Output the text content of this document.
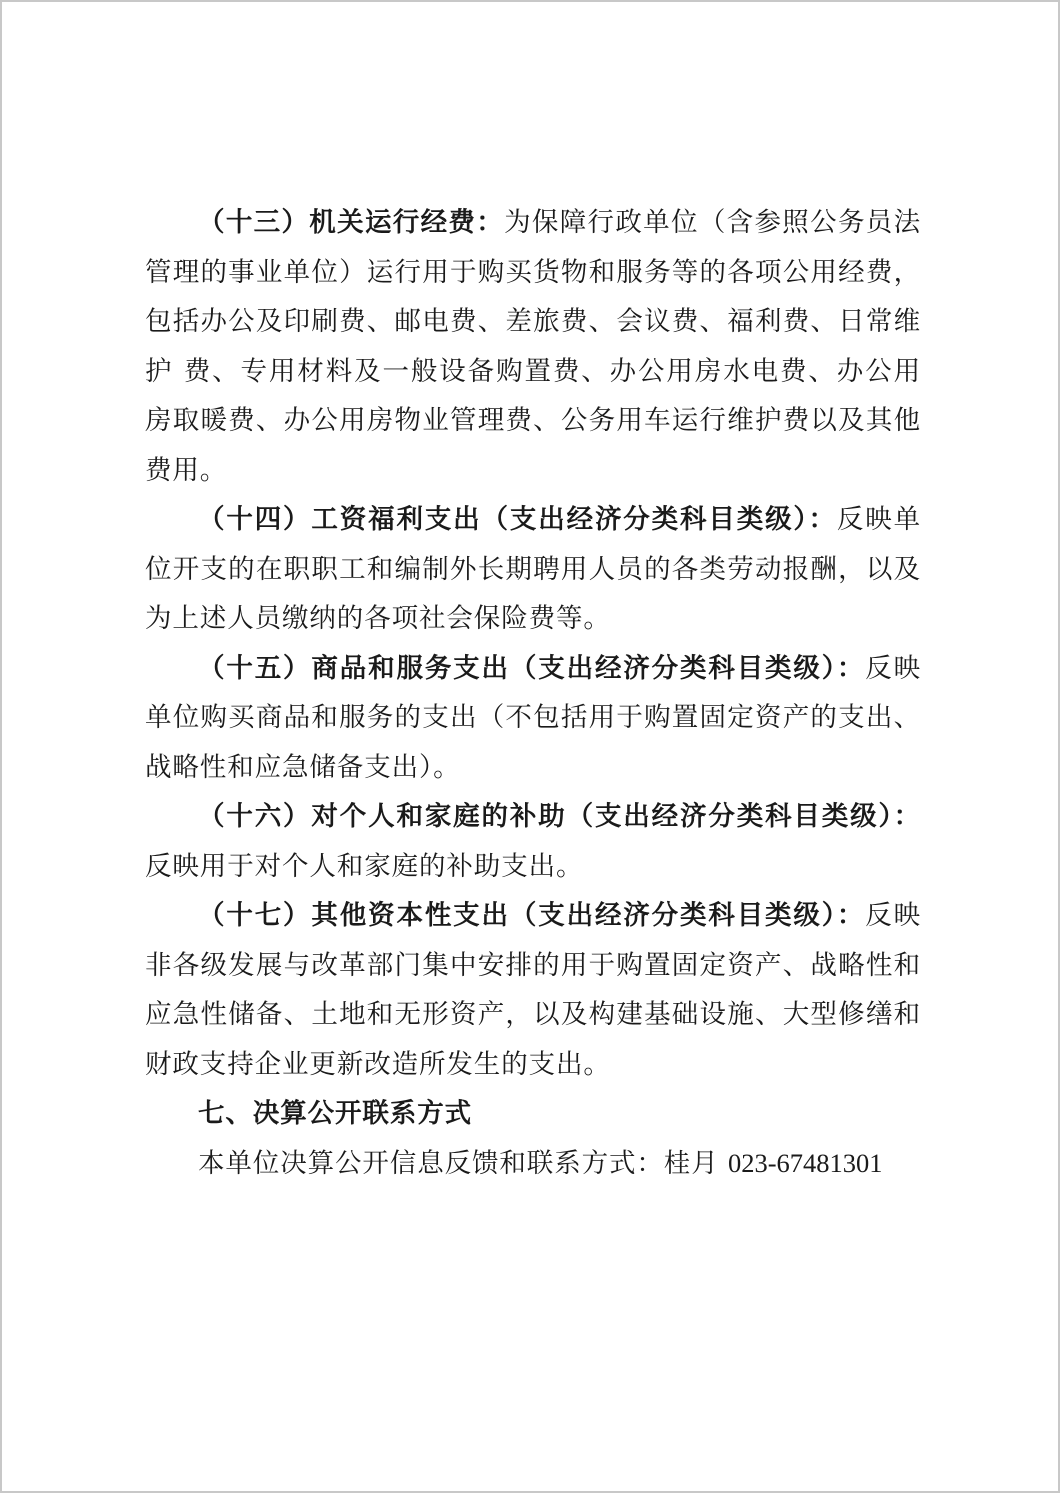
（十三）机关运行经费：为保障行政单位（含参照公务员法管理的事业单位）运行用于购买货物和服务等的各项公用经费，包括办公及印刷费、邮电费、差旅费、会议费、福利费、日常维护 费、专用材料及一般设备购置费、办公用房水电费、办公用房取暖费、办公用房物业管理费、公务用车运行维护费以及其他费用。

（十四）工资福利支出（支出经济分类科目类级）：反映单位开支的在职职工和编制外长期聘用人员的各类劳动报酬，以及为上述人员缴纳的各项社会保险费等。

（十五）商品和服务支出（支出经济分类科目类级）：反映单位购买商品和服务的支出（不包括用于购置固定资产的支出、战略性和应急储备支出）。

（十六）对个人和家庭的补助（支出经济分类科目类级）：反映用于对个人和家庭的补助支出。

（十七）其他资本性支出（支出经济分类科目类级）：反映非各级发展与改革部门集中安排的用于购置固定资产、战略性和应急性储备、土地和无形资产，以及构建基础设施、大型修缮和财政支持企业更新改造所发生的支出。

七、决算公开联系方式

本单位决算公开信息反馈和联系方式：桂月 023-67481301
